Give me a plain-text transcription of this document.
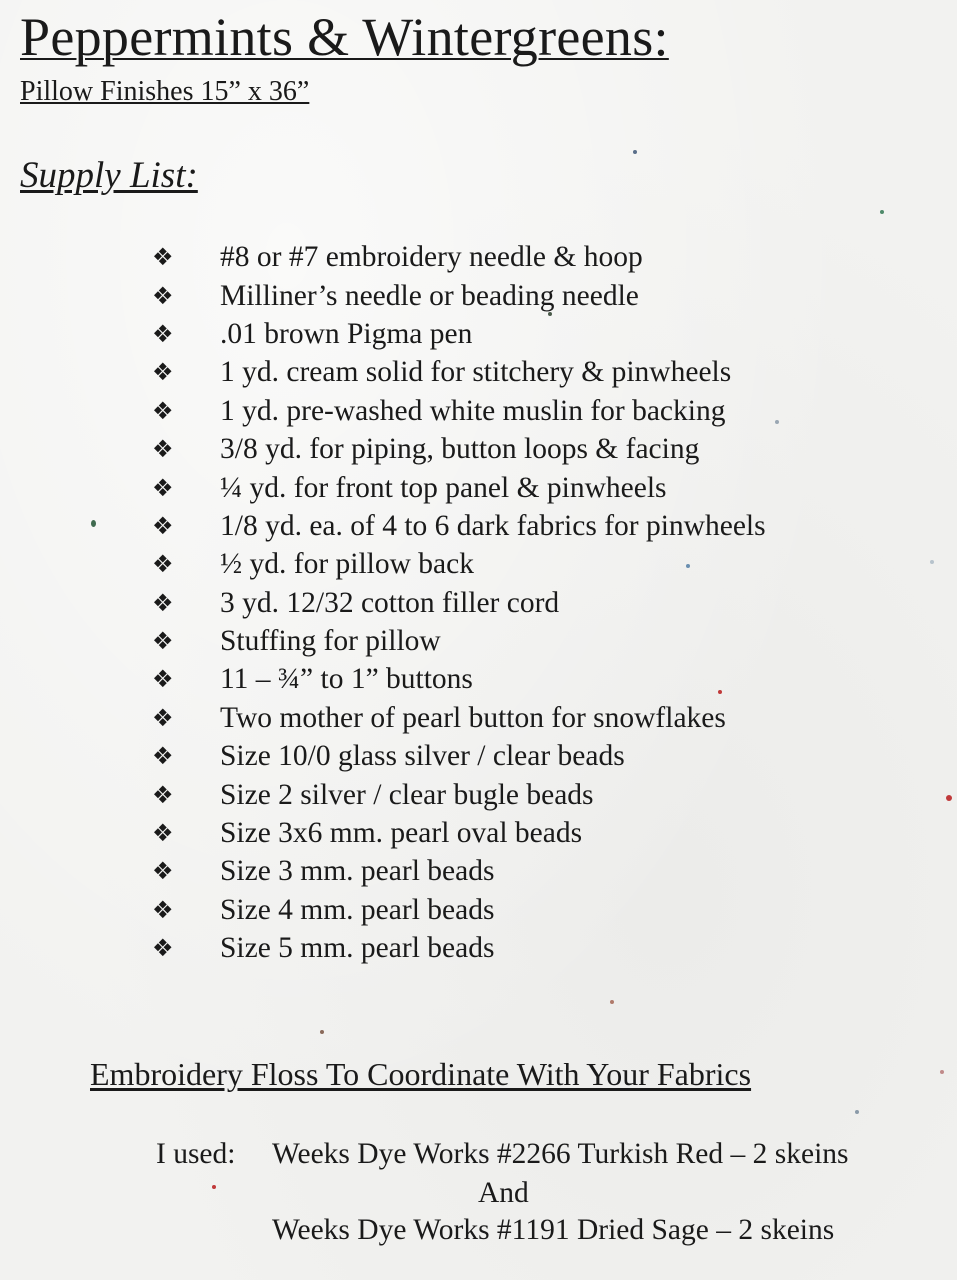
Peppermints & Wintergreens:
Pillow Finishes 15” x 36”
Supply List:
❖	#8 or #7 embroidery needle & hoop
❖	Milliner’s needle or beading needle
❖	.01 brown Pigma pen
❖	1 yd. cream solid for stitchery & pinwheels
❖	1 yd. pre-washed white muslin for backing
❖	3/8 yd. for piping, button loops & facing
❖	¼ yd. for front top panel & pinwheels
❖	1/8 yd. ea. of 4 to 6 dark fabrics for pinwheels
❖	½ yd. for pillow back
❖	3 yd. 12/32 cotton filler cord
❖	Stuffing for pillow
❖	11 – ¾” to 1” buttons
❖	Two mother of pearl button for snowflakes
❖	Size 10/0 glass silver / clear beads
❖	Size 2 silver / clear bugle beads
❖	Size 3x6 mm. pearl oval beads
❖	Size 3 mm. pearl beads
❖	Size 4 mm. pearl beads
❖	Size 5 mm. pearl beads
Embroidery Floss To Coordinate With Your Fabrics
I used: Weeks Dye Works #2266 Turkish Red – 2 skeins
And
Weeks Dye Works #1191 Dried Sage – 2 skeins
